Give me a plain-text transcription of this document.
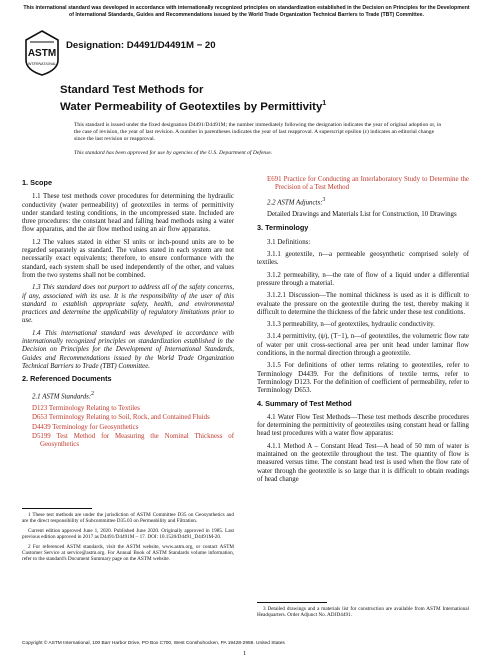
This international standard was developed in accordance with internationally recognized principles on standardization established in the Decision on Principles for the Development of International Standards, Guides and Recommendations issued by the World Trade Organization Technical Barriers to Trade (TBT) Committee.
ASTM
INTERNATIONAL
Designation: D4491/D4491M − 20
Standard Test Methods for
Water Permeability of Geotextiles by Permittivity$^1$
This standard is issued under the fixed designation D4491/D4491M; the number immediately following the designation indicates the year of original adoption or, in the case of revision, the year of last revision. A number in parentheses indicates the year of last reapproval. A superscript epsilon (ε) indicates an editorial change since the last revision or reapproval.
This standard has been approved for use by agencies of the U.S. Department of Defense.
1. Scope

1.1 These test methods cover procedures for determining the hydraulic conductivity (water permeability) of geotextiles in terms of permittivity under standard testing conditions, in the uncompressed state. Included are three procedures: the constant head and falling head methods using a water flow apparatus, and the air flow method using an air flow apparatus.

1.2 The values stated in either SI units or inch-pound units are to be regarded separately as standard. The values stated in each system are not necessarily exact equivalents; therefore, to ensure conformance with the standard, each system shall be used independently of the other, and values from the two systems shall not be combined.

1.3 This standard does not purport to address all of the safety concerns, if any, associated with its use. It is the responsibility of the user of this standard to establish appropriate safety, health, and environmental practices and determine the applicability of regulatory limitations prior to use.

1.4 This international standard was developed in accordance with internationally recognized principles on standardization established in the Decision on Principles for the Development of International Standards, Guides and Recommendations issued by the World Trade Organization Technical Barriers to Trade (TBT) Committee.

2. Referenced Documents

2.1 ASTM Standards:$^2$

D123 Terminology Relating to Textiles
D653 Terminology Relating to Soil, Rock, and Contained Fluids
D4439 Terminology for Geosynthetics
D5199 Test Method for Measuring the Nominal Thickness of Geosynthetics

1 These test methods are under the jurisdiction of ASTM Committee D35 on Geosynthetics and are the direct responsibility of Subcommittee D35.03 on Permeability and Filtration.

Current edition approved June 1, 2020. Published June 2020. Originally approved in 1985. Last previous edition approved in 2017 as D4491/D4491M – 17. DOI: 10.1520/D4491_D4491M-20.

2 For referenced ASTM standards, visit the ASTM website, www.astm.org, or contact ASTM Customer Service at service@astm.org. For Annual Book of ASTM Standards volume information, refer to the standard's Document Summary page on the ASTM website.

E691 Practice for Conducting an Interlaboratory Study to Determine the Precision of a Test Method

2.2 ASTM Adjuncts:$^3$

Detailed Drawings and Materials List for Construction, 10 Drawings
3. Terminology

3.1 Definitions:

3.1.1 geotextile, n—a permeable geosynthetic comprised solely of textiles.

3.1.2 permeability, n—the rate of flow of a liquid under a differential pressure through a material.

3.1.2.1 Discussion—The nominal thickness is used as it is difficult to evaluate the pressure on the geotextile during the test, thereby making it difficult to determine the thickness of the fabric under these test conditions.

3.1.3 permeability, n—of geotextiles, hydraulic conductivity.

3.1.4 permittivity, (ψ), (T−1), n—of geotextiles, the volumetric flow rate of water per unit cross-sectional area per unit head under laminar flow conditions, in the normal direction through a geotextile.

3.1.5 For definitions of other terms relating to geotextiles, refer to Terminology D4439. For the definitions of textile terms, refer to Terminology D123. For the definition of coefficient of permeability, refer to Terminology D653.

4. Summary of Test Method

4.1 Water Flow Test Methods—These test methods describe procedures for determining the permittivity of geotextiles using constant head or falling head test procedures with a water flow apparatus:

4.1.1 Method A – Constant Head Test—A head of 50 mm of water is maintained on the geotextile throughout the test. The quantity of flow is measured versus time. The constant head test is used when the flow rate of water through the geotextile is so large that it is difficult to obtain readings of head change

3 Detailed drawings and a materials list for construction are available from ASTM International Headquarters. Order Adjunct No. ADJD4491.

Copyright © ASTM International, 100 Barr Harbor Drive, PO Box C700, West Conshohocken, PA 19428-2959. United States
1
